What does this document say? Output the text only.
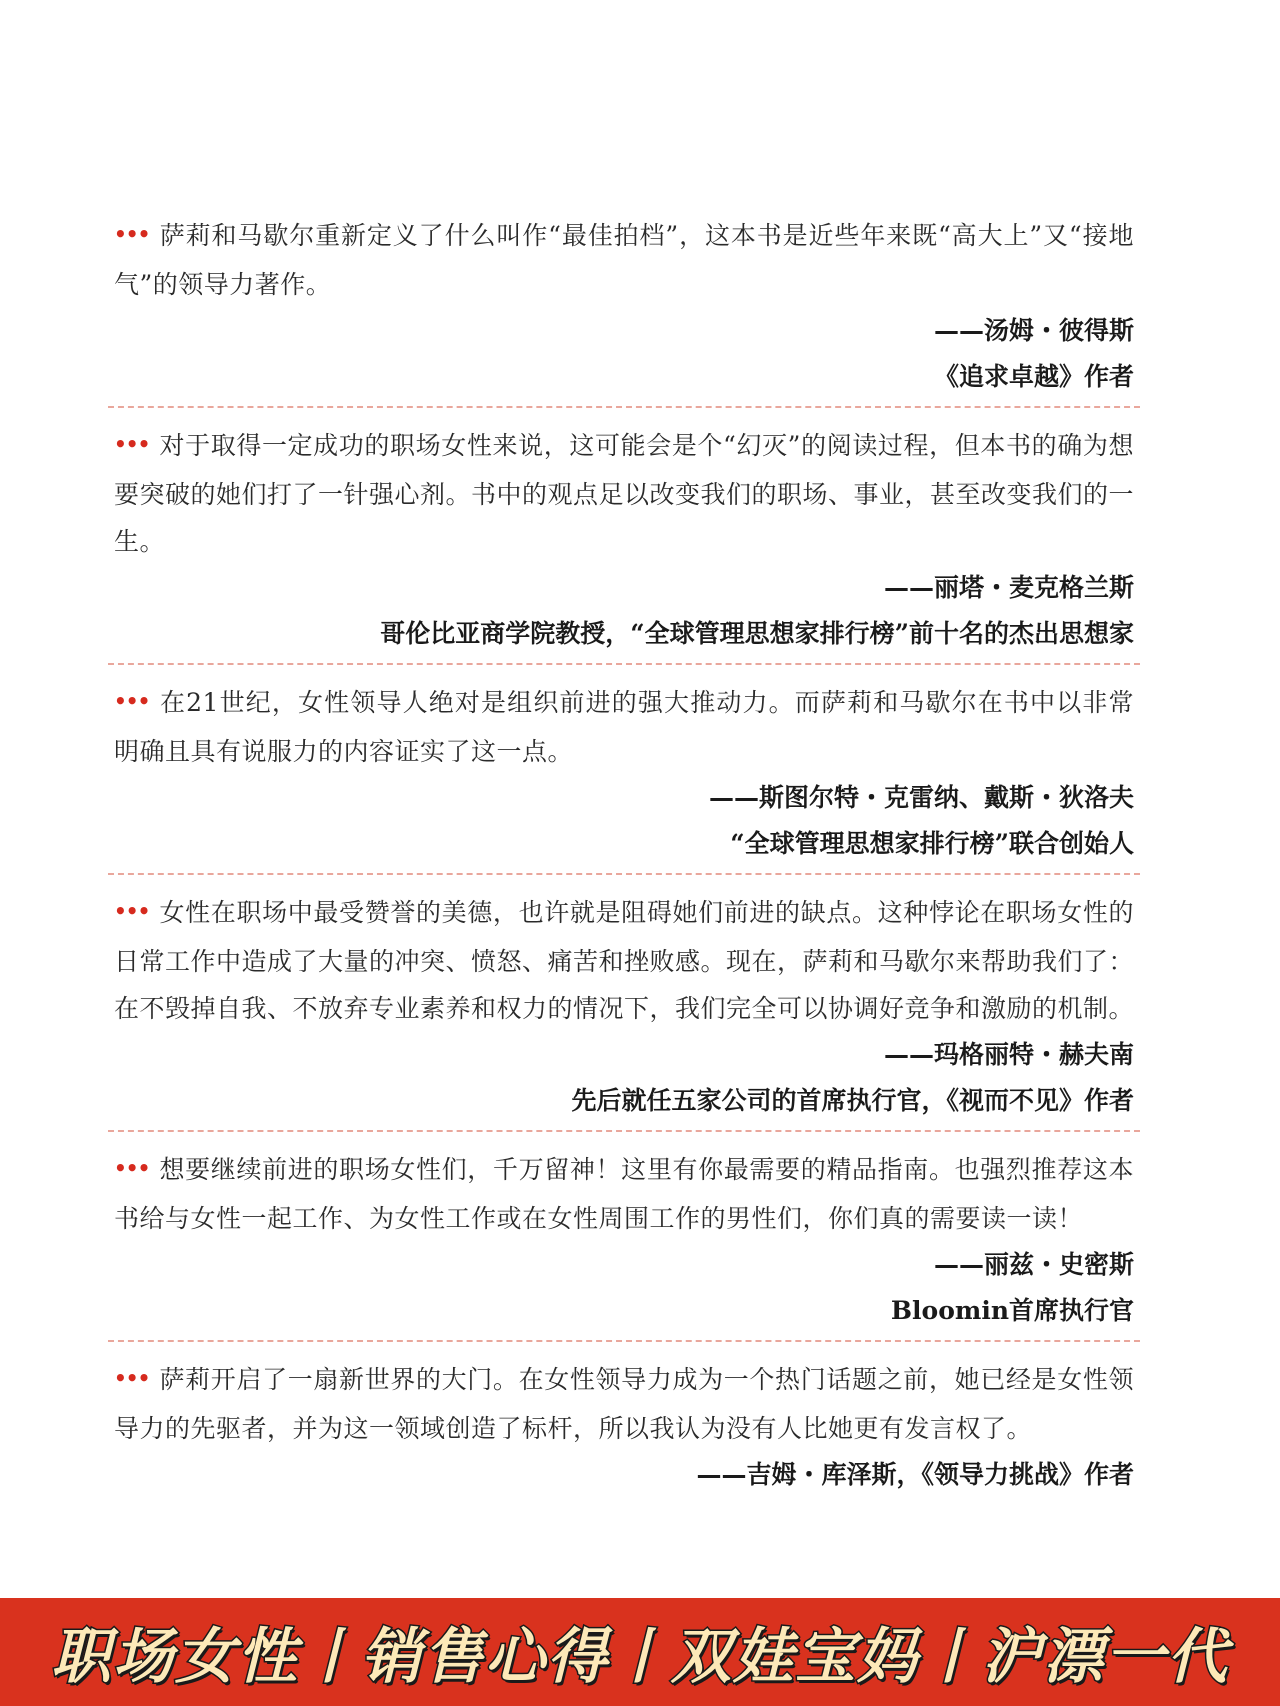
••• 萨莉和马歇尔重新定义了什么叫作“最佳拍档”，这本书是近些年来既“高大上”又“接地气”的领导力著作。

——汤姆・彼得斯

《追求卓越》作者

••• 对于取得一定成功的职场女性来说，这可能会是个“幻灭”的阅读过程，但本书的确为想要突破的她们打了一针强心剂。书中的观点足以改变我们的职场、事业，甚至改变我们的一生。

——丽塔・麦克格兰斯

哥伦比亚商学院教授，“全球管理思想家排行榜”前十名的杰出思想家

••• 在21世纪，女性领导人绝对是组织前进的强大推动力。而萨莉和马歇尔在书中以非常明确且具有说服力的内容证实了这一点。

——斯图尔特・克雷纳、戴斯・狄洛夫

“全球管理思想家排行榜”联合创始人

••• 女性在职场中最受赞誉的美德，也许就是阻碍她们前进的缺点。这种悖论在职场女性的日常工作中造成了大量的冲突、愤怒、痛苦和挫败感。现在，萨莉和马歇尔来帮助我们了：在不毁掉自我、不放弃专业素养和权力的情况下，我们完全可以协调好竞争和激励的机制。

——玛格丽特・赫夫南

先后就任五家公司的首席执行官，《视而不见》作者

••• 想要继续前进的职场女性们，千万留神！这里有你最需要的精品指南。也强烈推荐这本书给与女性一起工作、为女性工作或在女性周围工作的男性们，你们真的需要读一读！

——丽兹・史密斯

Bloomin首席执行官

••• 萨莉开启了一扇新世界的大门。在女性领导力成为一个热门话题之前，她已经是女性领导力的先驱者，并为这一领域创造了标杆，所以我认为没有人比她更有发言权了。

——吉姆・库泽斯，《领导力挑战》作者

职场女性丨销售心得丨双娃宝妈丨沪漂一代
